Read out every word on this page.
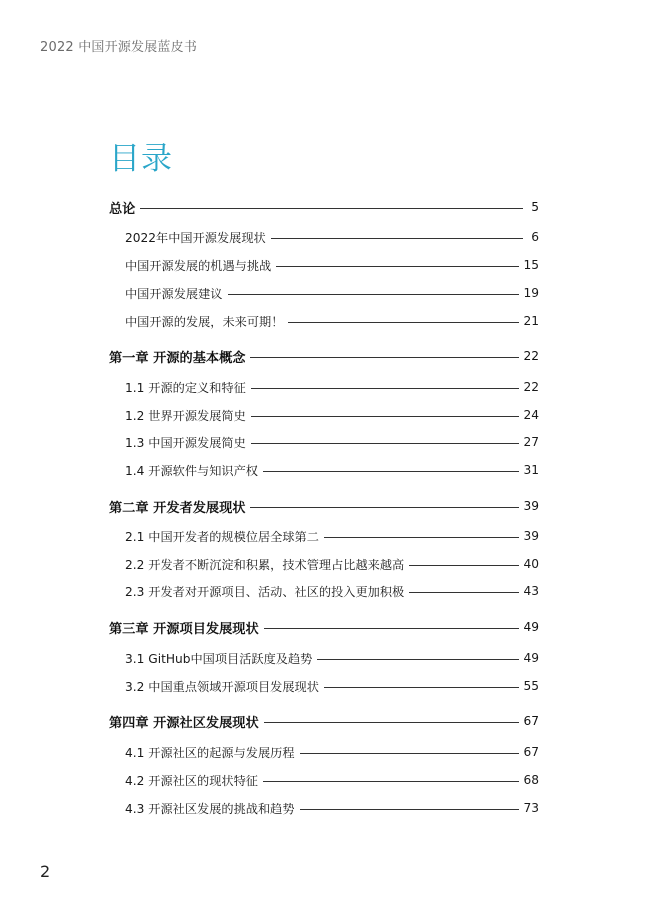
2022 中国开源发展蓝皮书
目录
总论	5
2022年中国开源发展现状	6
中国开源发展的机遇与挑战	15
中国开源发展建议	19
中国开源的发展，未来可期！	21
第一章 开源的基本概念	22
1.1 开源的定义和特征	22
1.2 世界开源发展简史	24
1.3 中国开源发展简史	27
1.4 开源软件与知识产权	31
第二章 开发者发展现状	39
2.1 中国开发者的规模位居全球第二	39
2.2 开发者不断沉淀和积累，技术管理占比越来越高	40
2.3 开发者对开源项目、活动、社区的投入更加积极	43
第三章 开源项目发展现状	49
3.1 GitHub中国项目活跃度及趋势	49
3.2 中国重点领域开源项目发展现状	55
第四章 开源社区发展现状	67
4.1 开源社区的起源与发展历程	67
4.2 开源社区的现状特征	68
4.3 开源社区发展的挑战和趋势	73
2
